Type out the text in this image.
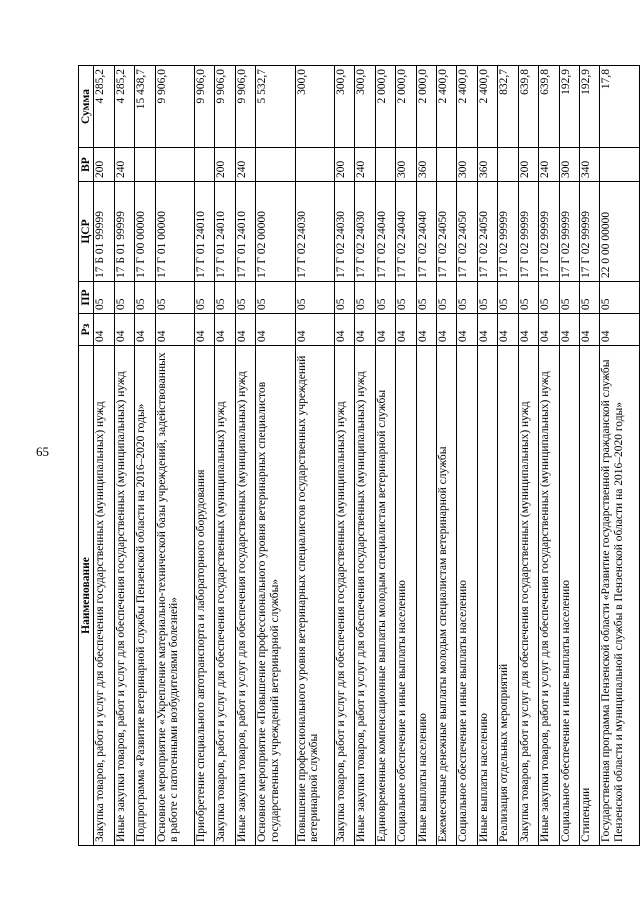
65
Наименование	Рз	ПР	ЦСР	ВР	Сумма
Закупка товаров, работ и услуг для обеспечения государственных (муниципальных) нужд	04	05	17 Б 01 99999	200	4 285,2
Иные закупки товаров, работ и услуг для обеспечения государственных (муниципальных) нужд	04	05	17 Б 01 99999	240	4 285,2
Подпрограмма «Развитие ветеринарной службы Пензенской области на 2016–2020 годы»	04	05	17 Г 00 00000		15 438,7
Основное мероприятие «Укрепление материально-технической базы учреждений, задействованных в работе с патогенными возбудителями болезней»	04	05	17 Г 01 00000		9 906,0
Приобретение специального автотранспорта и лабораторного оборудования	04	05	17 Г 01 24010		9 906,0
Закупка товаров, работ и услуг для обеспечения государственных (муниципальных) нужд	04	05	17 Г 01 24010	200	9 906,0
Иные закупки товаров, работ и услуг для обеспечения государственных (муниципальных) нужд	04	05	17 Г 01 24010	240	9 906,0
Основное мероприятие «Повышение профессионального уровня ветеринарных специалистов государственных учреждений ветеринарной службы»	04	05	17 Г 02 00000		5 532,7
Повышение профессионального уровня ветеринарных специалистов государственных учреждений ветеринарной службы	04	05	17 Г 02 24030		300,0
Закупка товаров, работ и услуг для обеспечения государственных (муниципальных) нужд	04	05	17 Г 02 24030	200	300,0
Иные закупки товаров, работ и услуг для обеспечения государственных (муниципальных) нужд	04	05	17 Г 02 24030	240	300,0
Единовременные компенсационные выплаты молодым специалистам ветеринарной службы	04	05	17 Г 02 24040		2 000,0
Социальное обеспечение и иные выплаты населению	04	05	17 Г 02 24040	300	2 000,0
Иные выплаты населению	04	05	17 Г 02 24040	360	2 000,0
Ежемесячные денежные выплаты молодым специалистам ветеринарной службы	04	05	17 Г 02 24050		2 400,0
Социальное обеспечение и иные выплаты населению	04	05	17 Г 02 24050	300	2 400,0
Иные выплаты населению	04	05	17 Г 02 24050	360	2 400,0
Реализация отдельных мероприятий	04	05	17 Г 02 99999		832,7
Закупка товаров, работ и услуг для обеспечения государственных (муниципальных) нужд	04	05	17 Г 02 99999	200	639,8
Иные закупки товаров, работ и услуг для обеспечения государственных (муниципальных) нужд	04	05	17 Г 02 99999	240	639,8
Социальное обеспечение и иные выплаты населению	04	05	17 Г 02 99999	300	192,9
Стипендии	04	05	17 Г 02 99999	340	192,9
Государственная программа Пензенской области «Развитие государственной гражданской службы Пензенской области и муниципальной службы в Пензенской области на 2016–2020 годы»	04	05	22 0 00 00000		17,8
